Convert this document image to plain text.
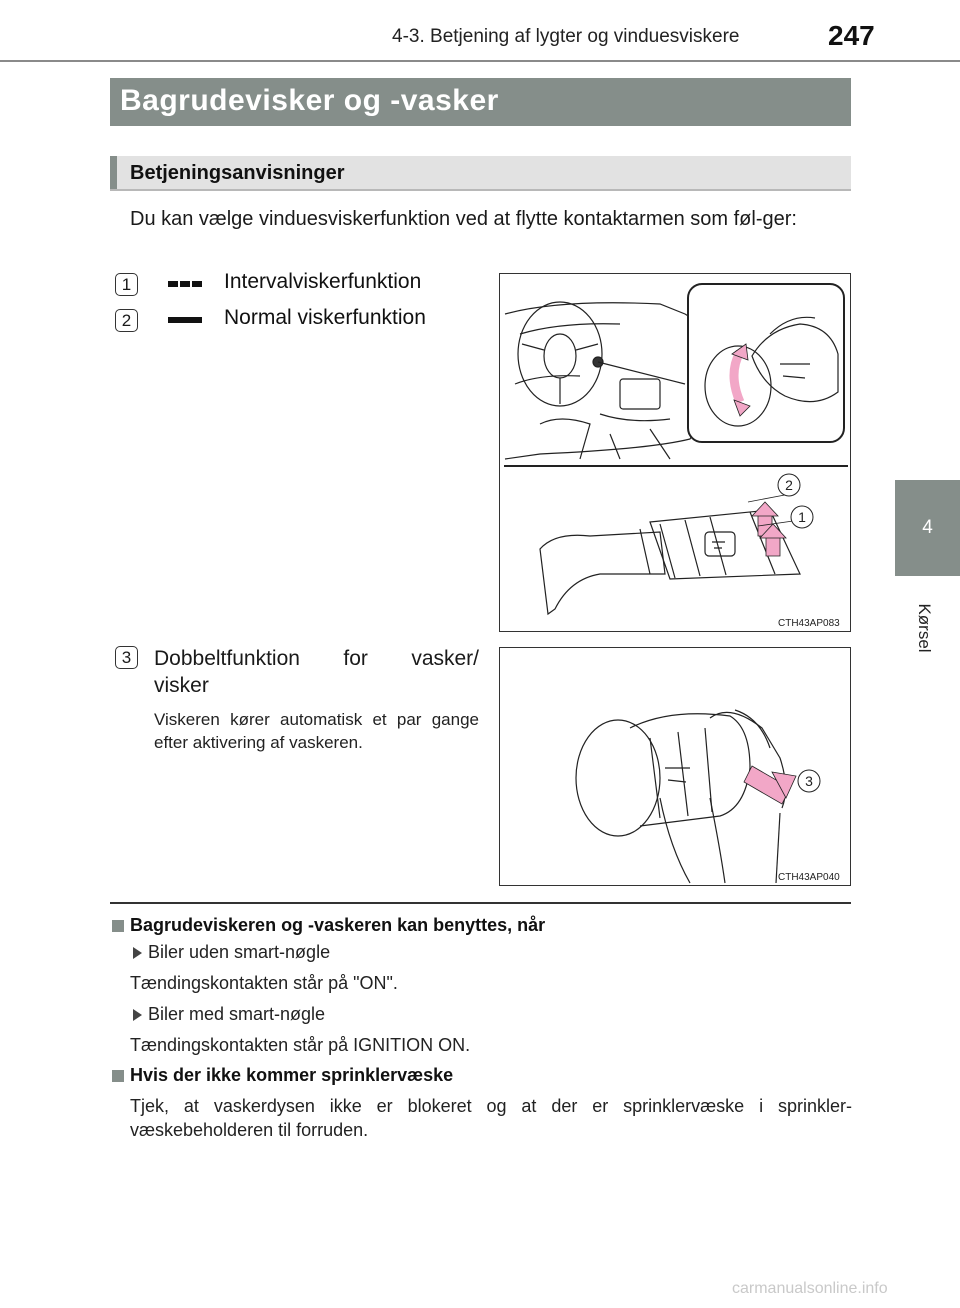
4-3. Betjening af lygter og vinduesviskere	247
4
Kørsel
Bagrudevisker og -vasker
Betjeningsanvisninger
Du kan vælge vinduesviskerfunktion ved at flytte kontaktarmen som føl-ger:
1	Intervalviskerfunktion
2	Normal viskerfunktion
2
1
CTH43AP083
3	Dobbeltfunktion for vasker/
visker
Viskeren kører automatisk et par gange efter aktivering af vaskeren.
3
CTH43AP040
Bagrudeviskeren og -vaskeren kan benyttes, når
Biler uden smart-nøgle
Tændingskontakten står på "ON".
Biler med smart-nøgle
Tændingskontakten står på IGNITION ON.
Hvis der ikke kommer sprinklervæske
Tjek, at vaskerdysen ikke er blokeret og at der er sprinklervæske i sprinkler-væskebeholderen til forruden.
carmanualsonline.info
